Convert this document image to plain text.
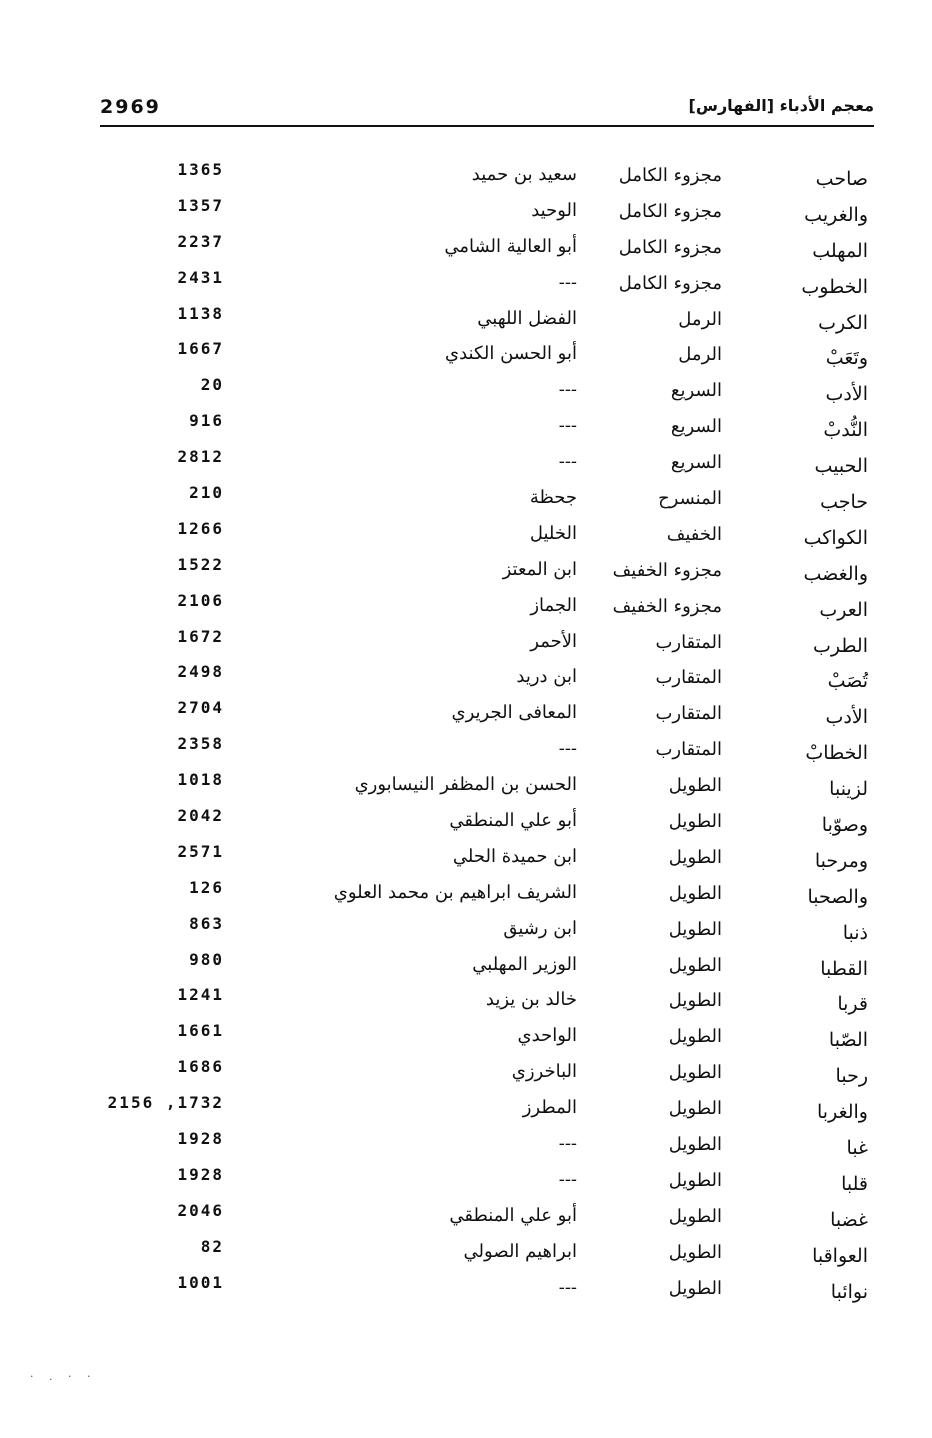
2969	معجم الأدباء [الفهارس]
صاحب
مجزوء الكامل
سعيد بن حميد
1365
والغريب
مجزوء الكامل
الوحيد
1357
المهلب
مجزوء الكامل
أبو العالية الشامي
2237
الخطوب
مجزوء الكامل
---
2431
الكرب
الرمل
الفضل اللهبي
1138
وتَعَبْ
الرمل
أبو الحسن الكندي
1667
الأدب
السريع
---
20
النُّدبْ
السريع
---
916
الحبيب
السريع
---
2812
حاجب
المنسرح
جحظة
210
الكواكب
الخفيف
الخليل
1266
والغضب
مجزوء الخفيف
ابن المعتز
1522
العرب
مجزوء الخفيف
الجماز
2106
الطرب
المتقارب
الأحمر
1672
تُصَبْ
المتقارب
ابن دريد
2498
الأدب
المتقارب
المعافى الجريري
2704
الخطابْ
المتقارب
---
2358
لزينبا
الطويل
الحسن بن المظفر النيسابوري
1018
وصوّبا
الطويل
أبو علي المنطقي
2042
ومرحبا
الطويل
ابن حميدة الحلي
2571
والصحبا
الطويل
الشريف ابراهيم بن محمد العلوي
126
ذنبا
الطويل
ابن رشيق
863
القطبا
الطويل
الوزير المهلبي
980
قربا
الطويل
خالد بن يزيد
1241
الصّبا
الطويل
الواحدي
1661
رحبا
الطويل
الباخرزي
1686
والغربا
الطويل
المطرز
2156 ,1732
غبا
الطويل
---
1928
قلبا
الطويل
---
1928
غضبا
الطويل
أبو علي المنطقي
2046
العواقبا
الطويل
ابراهيم الصولي
82
نوائبا
الطويل
---
1001
· . · ·
